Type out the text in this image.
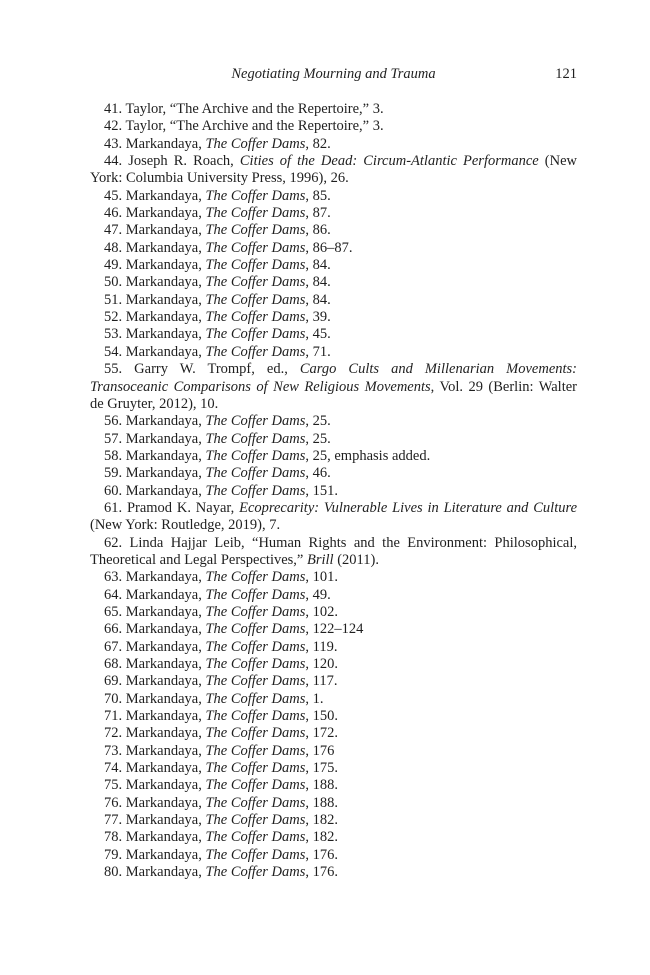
Negotiating Mourning and Trauma	121

41. Taylor, “The Archive and the Repertoire,” 3.

42. Taylor, “The Archive and the Repertoire,” 3.

43. Markandaya, The Coffer Dams, 82.

44. Joseph R. Roach, Cities of the Dead: Circum-Atlantic Performance (New York: Columbia University Press, 1996), 26.

45. Markandaya, The Coffer Dams, 85.

46. Markandaya, The Coffer Dams, 87.

47. Markandaya, The Coffer Dams, 86.

48. Markandaya, The Coffer Dams, 86–87.

49. Markandaya, The Coffer Dams, 84.

50. Markandaya, The Coffer Dams, 84.

51. Markandaya, The Coffer Dams, 84.

52. Markandaya, The Coffer Dams, 39.

53. Markandaya, The Coffer Dams, 45.

54. Markandaya, The Coffer Dams, 71.

55. Garry W. Trompf, ed., Cargo Cults and Millenarian Movements: Transoceanic Comparisons of New Religious Movements, Vol. 29 (Berlin: Walter de Gruyter, 2012), 10.

56. Markandaya, The Coffer Dams, 25.

57. Markandaya, The Coffer Dams, 25.

58. Markandaya, The Coffer Dams, 25, emphasis added.

59. Markandaya, The Coffer Dams, 46.

60. Markandaya, The Coffer Dams, 151.

61. Pramod K. Nayar, Ecoprecarity: Vulnerable Lives in Literature and Culture (New York: Routledge, 2019), 7.

62. Linda Hajjar Leib, “Human Rights and the Environment: Philosophical, Theoretical and Legal Perspectives,” Brill (2011).

63. Markandaya, The Coffer Dams, 101.

64. Markandaya, The Coffer Dams, 49.

65. Markandaya, The Coffer Dams, 102.

66. Markandaya, The Coffer Dams, 122–124

67. Markandaya, The Coffer Dams, 119.

68. Markandaya, The Coffer Dams, 120.

69. Markandaya, The Coffer Dams, 117.

70. Markandaya, The Coffer Dams, 1.

71. Markandaya, The Coffer Dams, 150.

72. Markandaya, The Coffer Dams, 172.

73. Markandaya, The Coffer Dams, 176

74. Markandaya, The Coffer Dams, 175.

75. Markandaya, The Coffer Dams, 188.

76. Markandaya, The Coffer Dams, 188.

77. Markandaya, The Coffer Dams, 182.

78. Markandaya, The Coffer Dams, 182.

79. Markandaya, The Coffer Dams, 176.

80. Markandaya, The Coffer Dams, 176.
